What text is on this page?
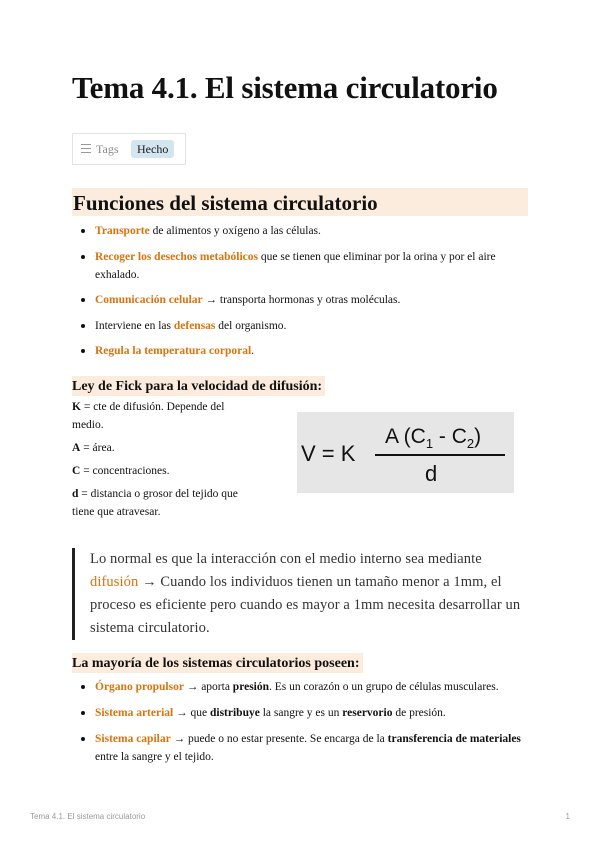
Tema 4.1. El sistema circulatorio
Tags	Hecho
Funciones del sistema circulatorio
Transporte de alimentos y oxígeno a las células.
Recoger los desechos metabólicos que se tienen que eliminar por la orina y por el aire exhalado.
Comunicación celular → transporta hormonas y otras moléculas.
Interviene en las defensas del organismo.
Regula la temperatura corporal.
Ley de Fick para la velocidad de difusión:

K = cte de difusión. Depende del medio.

A = área.

C = concentraciones.

d = distancia o grosor del tejido que tiene que atravesar.

V = K
A $(C_1 - C_2)$
d
Lo normal es que la interacción con el medio interno sea mediante difusión → Cuando los individuos tienen un tamaño menor a 1mm, el proceso es eficiente pero cuando es mayor a 1mm necesita desarrollar un sistema circulatorio.
La mayoría de los sistemas circulatorios poseen:
Órgano propulsor → aporta presión. Es un corazón o un grupo de células musculares.
Sistema arterial → que distribuye la sangre y es un reservorio de presión.
Sistema capilar → puede o no estar presente. Se encarga de la transferencia de materiales entre la sangre y el tejido.
Tema 4.1. El sistema circulatorio	1
